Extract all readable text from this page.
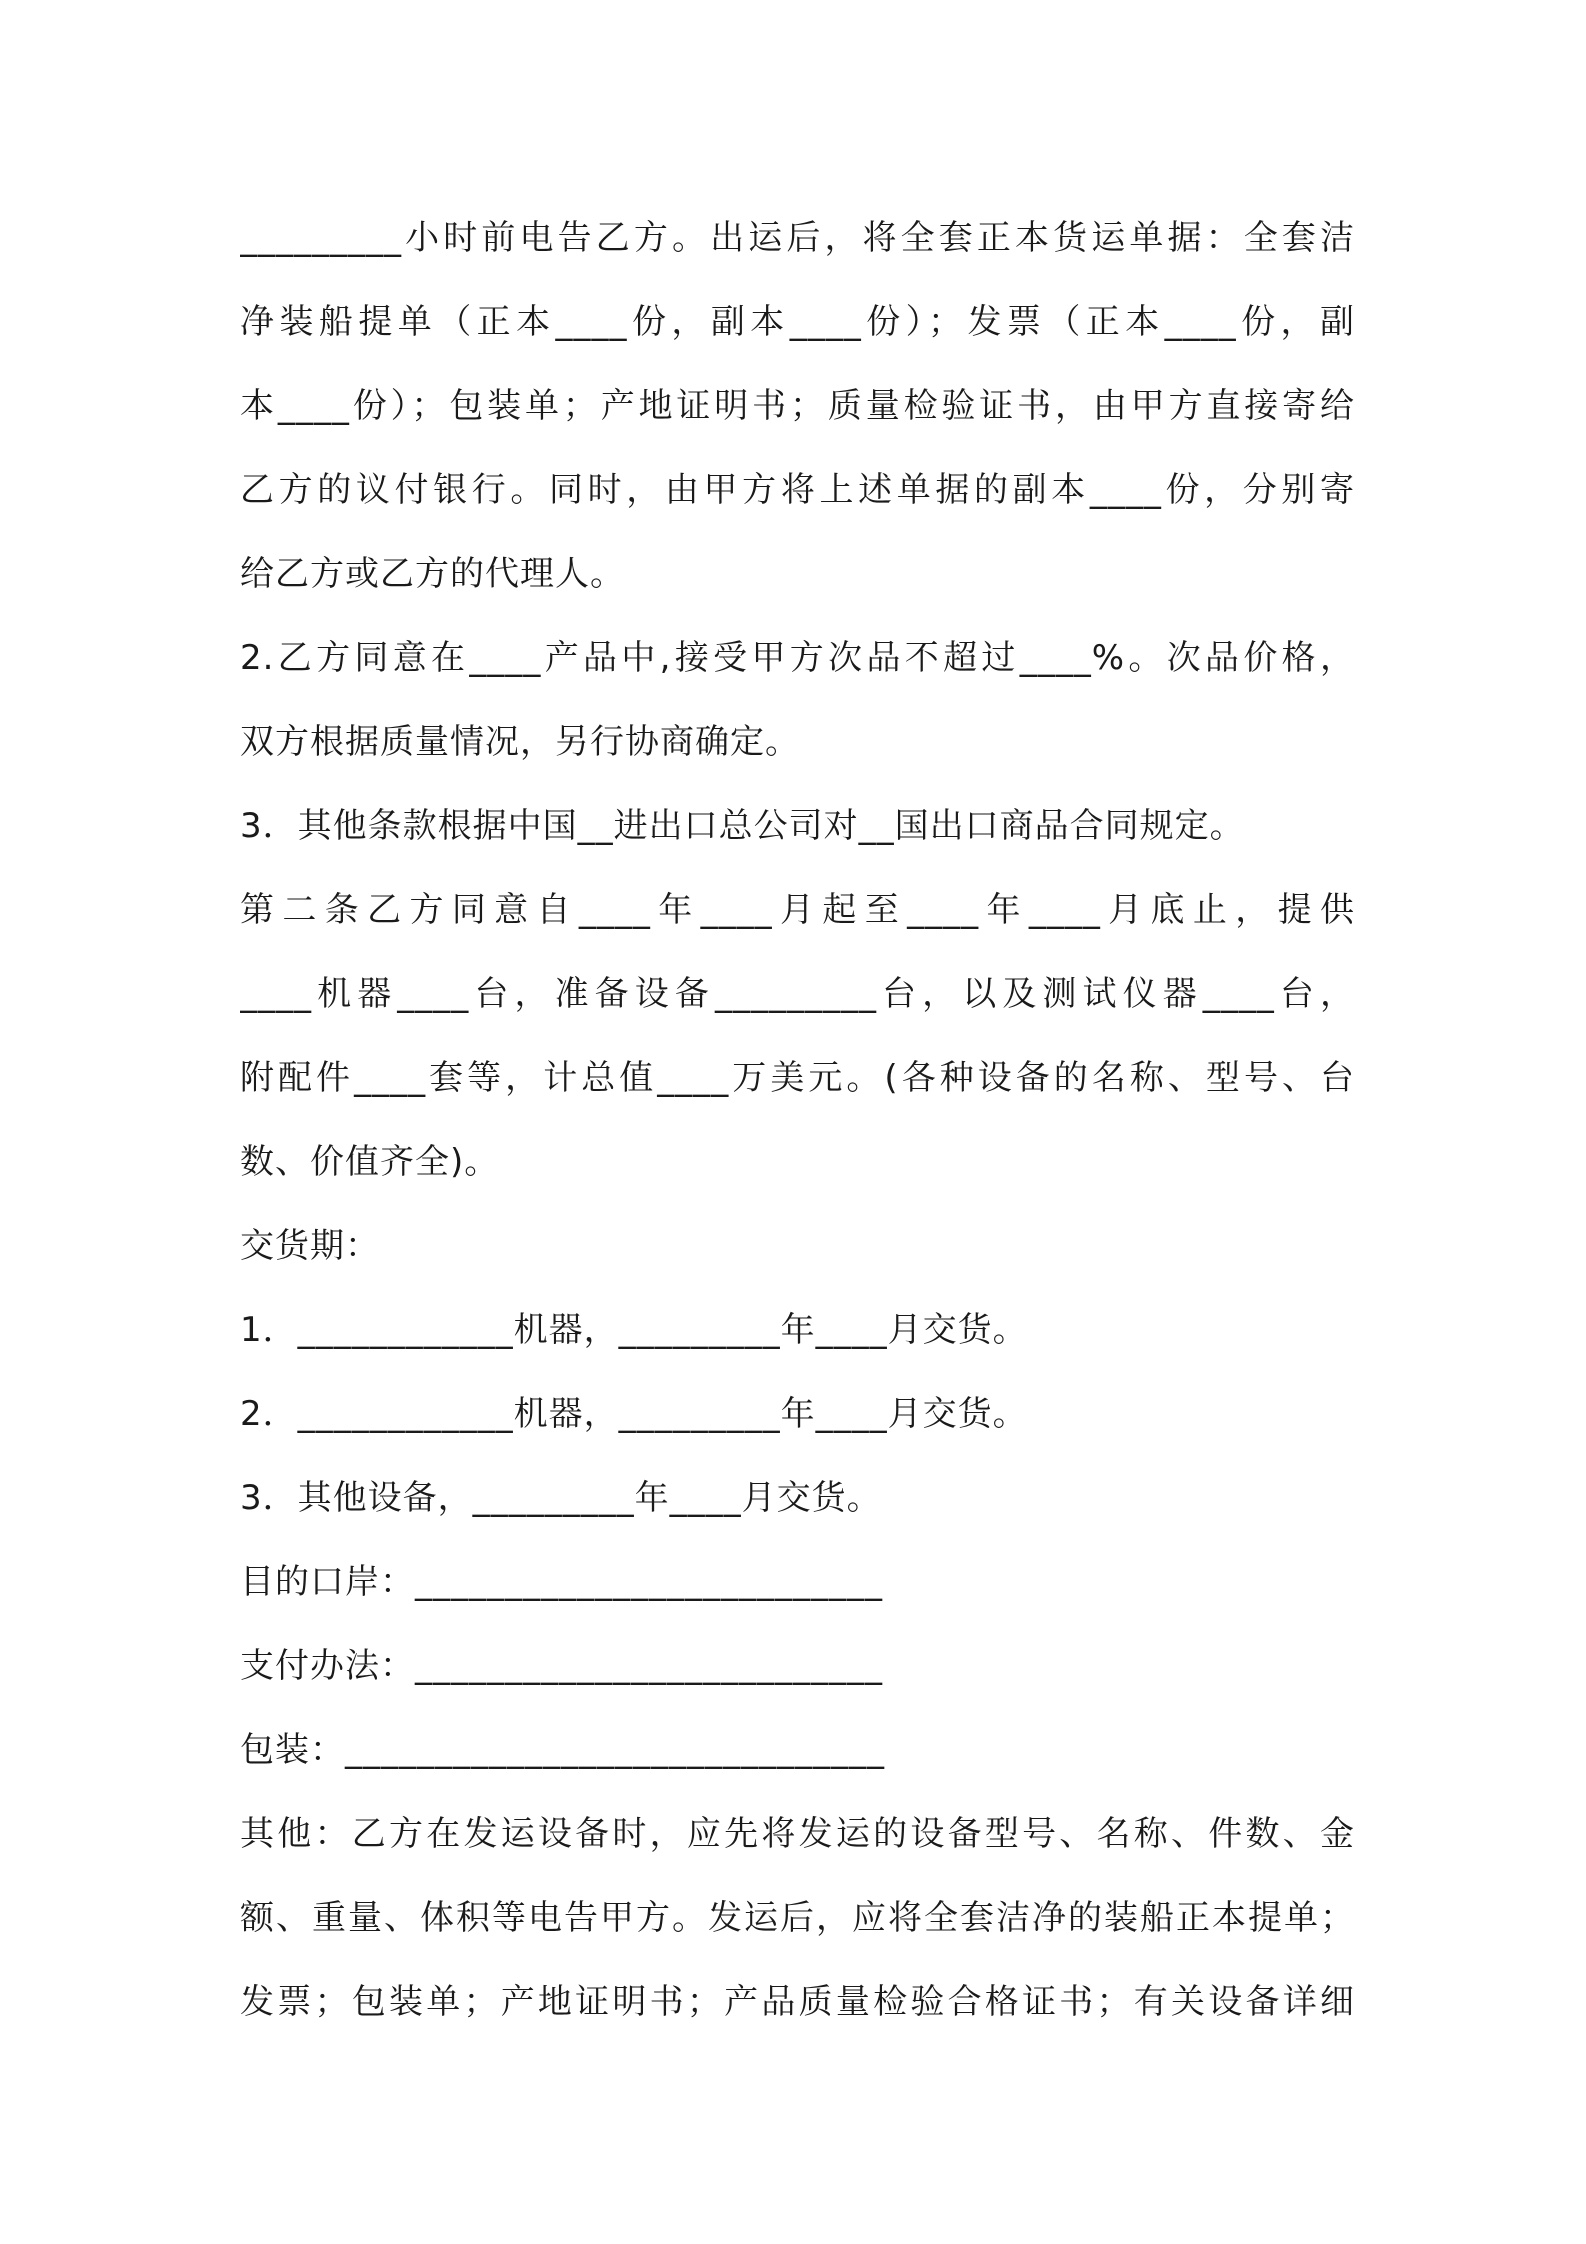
_________小时前电告乙方。出运后，将全套正本货运单据：全套洁
净装船提单（正本____份，副本____份）；发票（正本____份，副
本____份）；包装单；产地证明书；质量检验证书，由甲方直接寄给
乙方的议付银行。同时，由甲方将上述单据的副本____份，分别寄
给乙方或乙方的代理人。
2.乙方同意在____产品中,接受甲方次品不超过____%。次品价格，
双方根据质量情况，另行协商确定。
3．其他条款根据中国__进出口总公司对__国出口商品合同规定。
第二条乙方同意自____年____月起至____年____月底止，提供
____机器____台，准备设备_________台，以及测试仪器____台，
附配件____套等，计总值____万美元。(各种设备的名称、型号、台
数、价值齐全)。
交货期：
1．____________机器，_________年____月交货。
2．____________机器，_________年____月交货。
3．其他设备，_________年____月交货。
目的口岸：__________________________
支付办法：__________________________
包装：______________________________
其他：乙方在发运设备时，应先将发运的设备型号、名称、件数、金
额、重量、体积等电告甲方。发运后，应将全套洁净的装船正本提单；
发票；包装单；产地证明书；产品质量检验合格证书；有关设备详细
